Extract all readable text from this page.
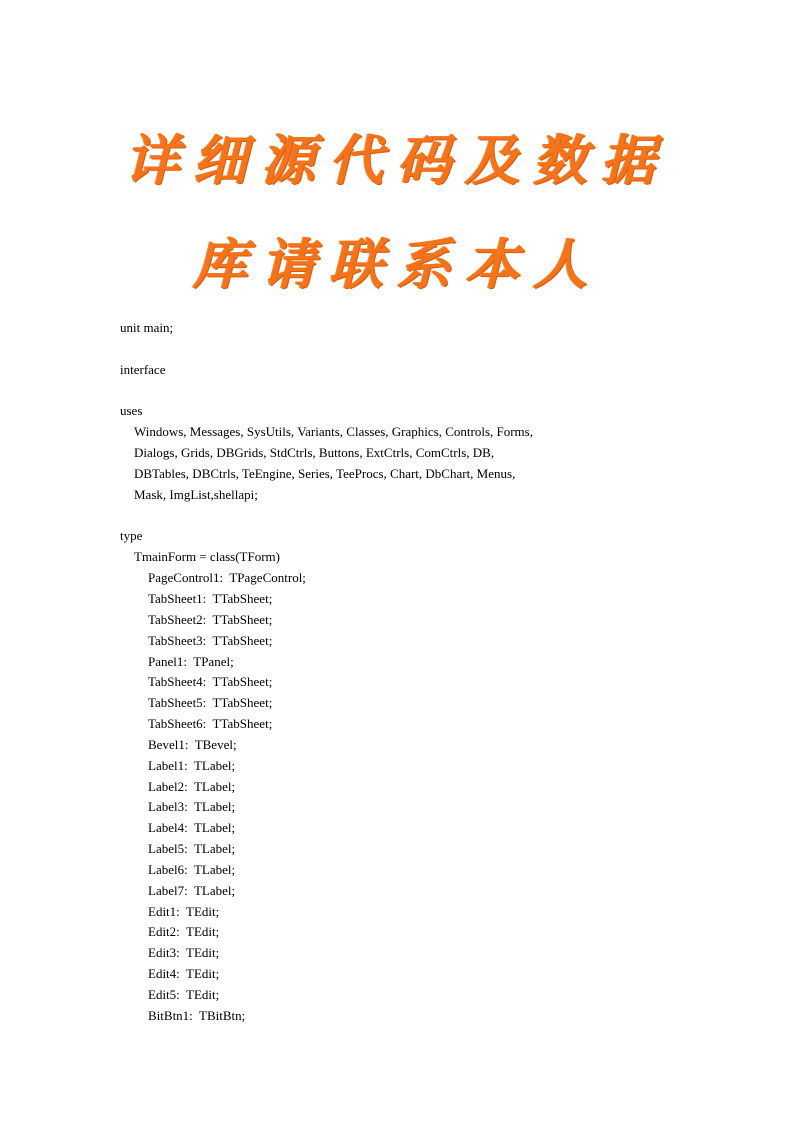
详细源代码及数据
库请联系本人
unit main;
interface
uses
Windows, Messages, SysUtils, Variants, Classes, Graphics, Controls, Forms,
Dialogs, Grids, DBGrids, StdCtrls, Buttons, ExtCtrls, ComCtrls, DB,
DBTables, DBCtrls, TeEngine, Series, TeeProcs, Chart, DbChart, Menus,
Mask, ImgList,shellapi;
type
TmainForm = class(TForm)
PageControl1:  TPageControl;
TabSheet1:  TTabSheet;
TabSheet2:  TTabSheet;
TabSheet3:  TTabSheet;
Panel1:  TPanel;
TabSheet4:  TTabSheet;
TabSheet5:  TTabSheet;
TabSheet6:  TTabSheet;
Bevel1:  TBevel;
Label1:  TLabel;
Label2:  TLabel;
Label3:  TLabel;
Label4:  TLabel;
Label5:  TLabel;
Label6:  TLabel;
Label7:  TLabel;
Edit1:  TEdit;
Edit2:  TEdit;
Edit3:  TEdit;
Edit4:  TEdit;
Edit5:  TEdit;
BitBtn1:  TBitBtn;
